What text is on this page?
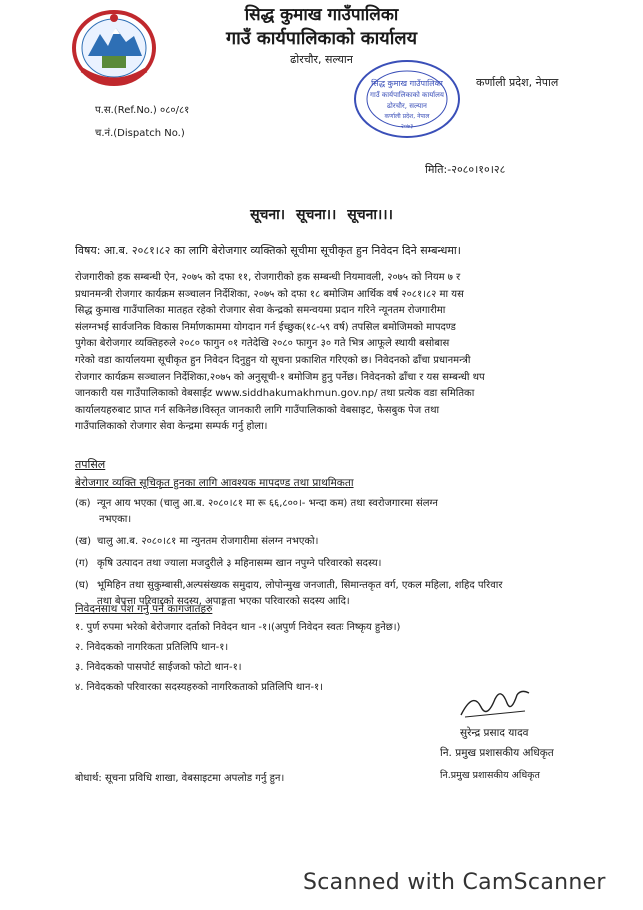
सिद्ध कुमाख गाउँपालिका
गाउँ कार्यपालिकाको कार्यालय
ढोरचौर, सल्यान
कर्णाली प्रदेश, नेपाल
सिद्ध कुमाख गाउँपालिका
गाउँ कार्यपालिकाको कार्यालय
ढोरचौर, सल्यान
कर्णाली प्रदेश, नेपाल
२०७३
प.स.(Ref.No.) ०८०/८१
च.नं.(Dispatch No.)
मिति:-२०८०।१०।२८
सूचना। सूचना।। सूचना।।।
विषय: आ.ब. २०८१।८२ का लागि बेरोजगार व्यक्तिको सूचीमा सूचीकृत हुन निवेदन दिने सम्बन्धमा।
रोजगारीको हक सम्बन्धी ऐन, २०७५ को दफा ११, रोजगारीको हक सम्बन्धी नियमावली, २०७५ को नियम ७ र
प्रधानमन्त्री रोजगार कार्यक्रम सञ्चालन निर्देशिका, २०७५ को दफा १८ बमोजिम आर्थिक वर्ष २०८१।८२ मा यस
सिद्ध कुमाख गाउँपालिका मातहत रहेको रोजगार सेवा केन्द्रको समन्वयमा प्रदान गरिने न्यूनतम रोजगारीमा
संलग्नभई सार्वजनिक विकास निर्माणकाममा योगदान गर्न ईच्छुक(१८-५९ वर्ष) तपसिल बमोजिमको मापदण्ड
पुगेका बेरोजगार व्यक्तिहरुले २०८० फागुन ०१ गतेदेखि २०८० फागुन ३० गते भित्र आफूले स्थायी बसोबास
गरेको वडा कार्यालयमा सूचीकृत हुन निवेदन दिनुहुन यो सूचना प्रकाशित गरिएको छ। निवेदनको ढाँचा प्रधानमन्त्री
रोजगार कार्यक्रम सञ्चालन निर्देशिका,२०७५ को अनुसूची-१ बमोजिम हुनु पर्नेछ। निवेदनको ढाँचा र यस सम्बन्धी थप
जानकारी यस गाउँपालिकाको वेबसाईट www.siddhakumakhmun.gov.np/ तथा प्रत्येक वडा समितिका
कार्यालयहरुबाट प्राप्त गर्न सकिनेछ।विस्तृत जानकारी लागि गाउँपालिकाको वेबसाइट, फेसबुक पेज तथा
गाउँपालिकाको रोजगार सेवा केन्द्रमा सम्पर्क गर्नु होला।
तपसिल
बेरोजगार व्यक्ति सूचिकृत हुनका लागि आवश्यक मापदण्ड तथा प्राथमिकता
(क) न्यून आय भएका (चालु आ.ब. २०८०।८१ मा रू ६६,८००।- भन्दा कम) तथा स्वरोजगारमा संलग्न
नभएका।
(ख) चालु आ.ब. २०८०।८१ मा न्युनतम रोजगारीमा संलग्न नभएको।
(ग) कृषि उत्पादन तथा ज्याला मजदुरीले ३ महिनासम्म खान नपुग्ने परिवारको सदस्य।
(घ) भूमिहिन तथा सुकुम्बासी,अल्पसंख्यक समुदाय, लोपोन्मुख जनजाती, सिमान्तकृत वर्ग, एकल महिला, शहिद परिवार
तथा बेपत्ता परिवारको सदस्य, अपाङ्गता भएका परिवारको सदस्य आदि।
निवेदनसाथ पेश गर्नु पर्ने कागजातहरु
१. पुर्ण रुपमा भरेको बेरोजगार दर्ताको निवेदन थान -१।(अपुर्ण निवेदन स्वतः निष्कृय हुनेछ।)
२. निवेदकको नागरिकता प्रतिलिपि थान-१।
३. निवेदकको पासपोर्ट साईजको फोटो थान-१।
४. निवेदकको परिवारका सदस्यहरुको नागरिकताको प्रतिलिपि थान-१।
सुरेन्द्र प्रसाद यादव
नि. प्रमुख प्रशासकीय अधिकृत
नि.प्रमुख प्रशासकीय अधिकृत
बोधार्थ: सूचना प्रविधि शाखा, वेबसाइटमा अपलोड गर्नु हुन।
Scanned with CamScanner
